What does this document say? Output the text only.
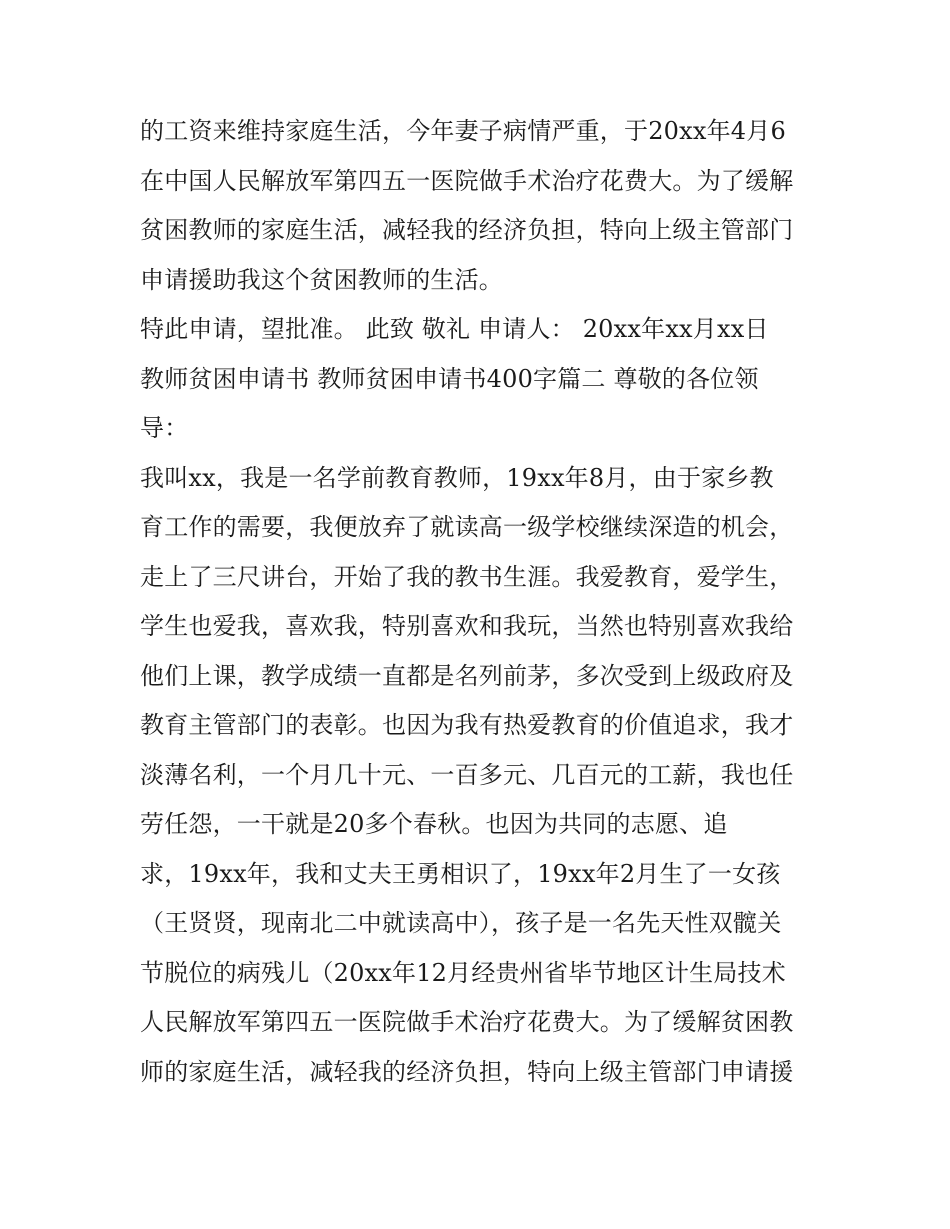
的工资来维持家庭生活，今年妻子病情严重，于20xx年4月6
在中国人民解放军第四五一医院做手术治疗花费大。为了缓解
贫困教师的家庭生活，减轻我的经济负担，特向上级主管部门
申请援助我这个贫困教师的生活。
特此申请，望批准。 此致 敬礼 申请人： 20xx年xx月xx日
教师贫困申请书 教师贫困申请书400字篇二 尊敬的各位领
导：
我叫xx，我是一名学前教育教师，19xx年8月，由于家乡教
育工作的需要，我便放弃了就读高一级学校继续深造的机会，
走上了三尺讲台，开始了我的教书生涯。我爱教育，爱学生，
学生也爱我，喜欢我，特别喜欢和我玩，当然也特别喜欢我给
他们上课，教学成绩一直都是名列前茅，多次受到上级政府及
教育主管部门的表彰。也因为我有热爱教育的价值追求，我才
淡薄名利，一个月几十元、一百多元、几百元的工薪，我也任
劳任怨，一干就是20多个春秋。也因为共同的志愿、追
求，19xx年，我和丈夫王勇相识了，19xx年2月生了一女孩
（王贤贤，现南北二中就读高中），孩子是一名先天性双髋关
节脱位的病残儿（20xx年12月经贵州省毕节地区计生局技术
人民解放军第四五一医院做手术治疗花费大。为了缓解贫困教
师的家庭生活，减轻我的经济负担，特向上级主管部门申请援
